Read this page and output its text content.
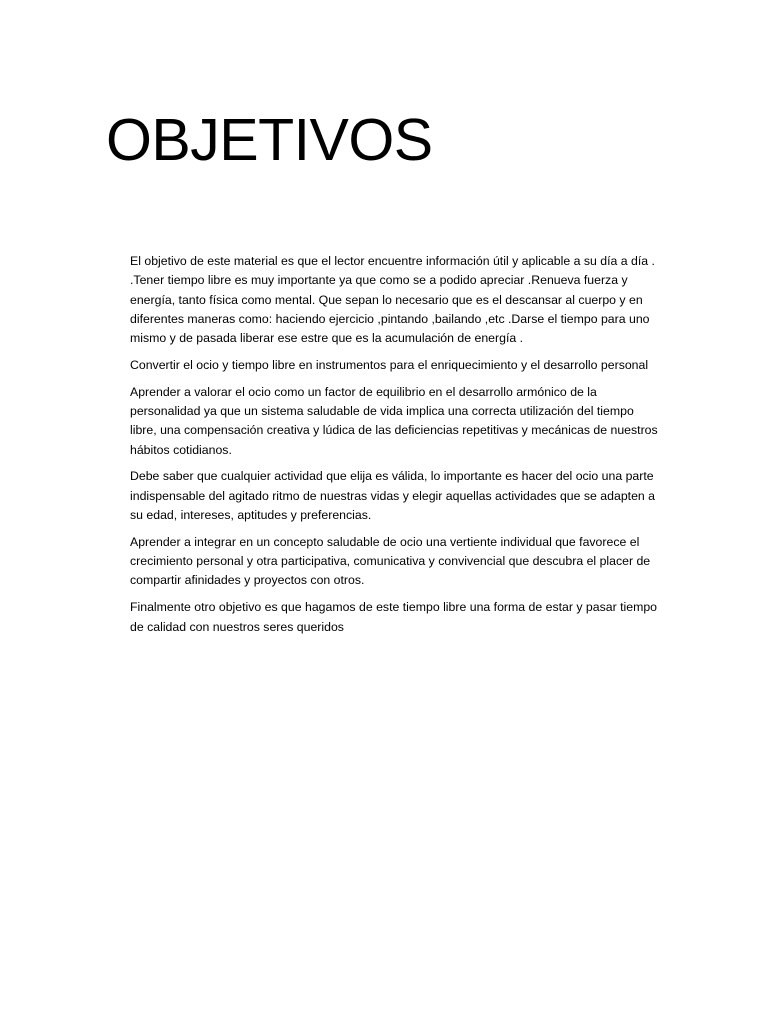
OBJETIVOS

El objetivo de este material es que el lector encuentre información útil y aplicable a su día a día . .Tener tiempo libre es muy importante ya que como se a podido apreciar .Renueva fuerza y energía, tanto física como mental. Que sepan lo necesario que es el descansar al cuerpo y en diferentes maneras como: haciendo ejercicio ,pintando ,bailando ,etc .Darse el tiempo para uno mismo y de pasada liberar ese estre que es la acumulación de energía .

Convertir el ocio y tiempo libre en instrumentos para el enriquecimiento y el desarrollo personal

Aprender a valorar el ocio como un factor de equilibrio en el desarrollo armónico de la personalidad ya que un sistema saludable de vida implica una correcta utilización del tiempo libre, una compensación creativa y lúdica de las deficiencias repetitivas y mecánicas de nuestros hábitos cotidianos.

Debe saber que cualquier actividad que elija es válida, lo importante es hacer del ocio una parte indispensable del agitado ritmo de nuestras vidas y elegir aquellas actividades que se adapten a su edad, intereses, aptitudes y preferencias.

Aprender a integrar en un concepto saludable de ocio una vertiente individual que favorece el crecimiento personal y otra participativa, comunicativa y convivencial que descubra el placer de compartir afinidades y proyectos con otros.

Finalmente otro objetivo es que hagamos de este tiempo libre una forma de estar y pasar tiempo de calidad con nuestros seres queridos
